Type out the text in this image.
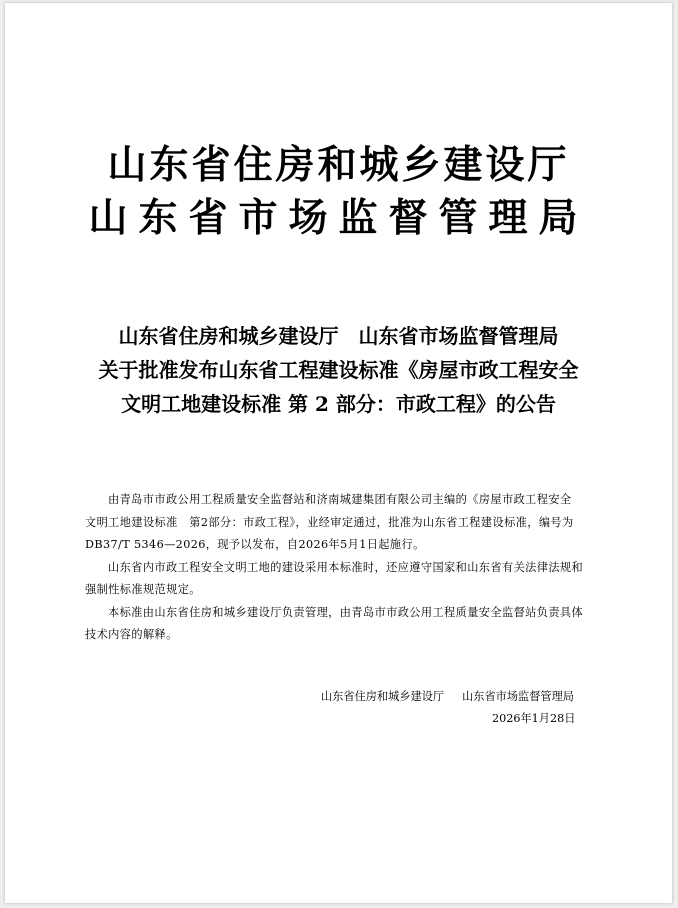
山东省住房和城乡建设厅
山东省市场监督管理局
山东省住房和城乡建设厅　山东省市场监督管理局
关于批准发布山东省工程建设标准《房屋市政工程安全
文明工地建设标准 第 2 部分：市政工程》的公告
由青岛市市政公用工程质量安全监督站和济南城建集团有限公司主编的《房屋市政工程安全
文明工地建设标准　第2部分：市政工程》，业经审定通过，批准为山东省工程建设标准，编号为
DB37/T 5346—2026，现予以发布，自2026年5月1日起施行。
山东省内市政工程安全文明工地的建设采用本标准时，还应遵守国家和山东省有关法律法规和
强制性标准规范规定。
本标准由山东省住房和城乡建设厅负责管理，由青岛市市政公用工程质量安全监督站负责具体
技术内容的解释。
山东省住房和城乡建设厅 山东省市场监督管理局
2026年1月28日
